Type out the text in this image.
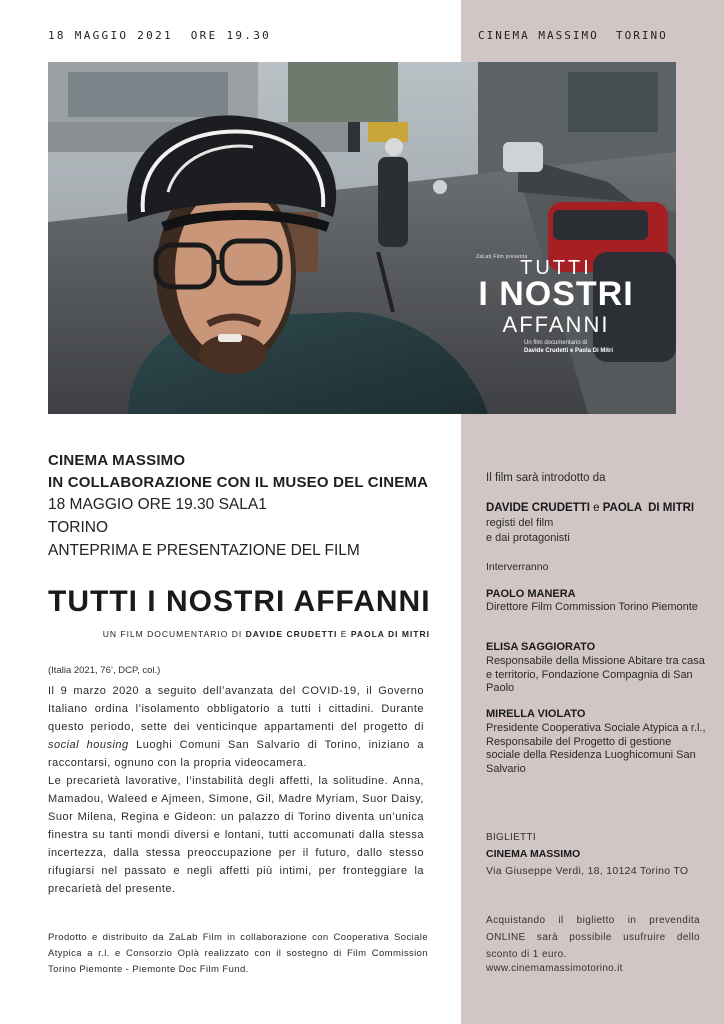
18 MAGGIO 2021  ORE 19.30	CINEMA MASSIMO  TORINO
ZaLab Film presenta
TUTTI
I NOSTRI
AFFANNI
Un film documentario di
Davide Crudetti e Paola Di Mitri
CINEMA MASSIMO
IN COLLABORAZIONE CON IL MUSEO DEL CINEMA
18 MAGGIO ORE 19.30 SALA1
TORINO
ANTEPRIMA E PRESENTAZIONE DEL FILM
TUTTI I NOSTRI AFFANNI
UN FILM DOCUMENTARIO DI DAVIDE CRUDETTI E PAOLA DI MITRI
(Italia 2021, 76’, DCP, col.)

Il 9 marzo 2020 a seguito dell’avanzata del COVID-19, il Governo Italiano ordina l’isolamento obbligatorio a tutti i cittadini. Durante questo periodo, sette dei venticinque appartamenti del progetto di social housing Luoghi Comuni San Salvario di Torino, iniziano a raccontarsi, ognuno con la propria videocamera.

Le precarietà lavorative, l’instabilità degli affetti, la solitudine. Anna, Mamadou, Waleed e Ajmeen, Simone, Gil, Madre Myriam, Suor Daisy, Suor Milena, Regina e Gideon: un palazzo di Torino diventa un’unica finestra su tanti mondi diversi e lontani, tutti accomunati dalla stessa incertezza, dalla stessa preoccupazione per il futuro, dallo stesso rifugiarsi nel passato e negli affetti più intimi, per fronteggiare la precarietà del presente.

Prodotto e distribuito da ZaLab Film in collaborazione con Cooperativa Sociale Atypica a r.l. e Consorzio Oplà realizzato con il sostegno di Film Commission Torino Piemonte - Piemonte Doc Film Fund.
Il film sarà introdotto da
DAVIDE CRUDETTI e PAOLA  DI MITRI
registi del film
e dai protagonisti
Interverranno
PAOLO MANERA
Direttore Film Commission Torino Piemonte
ELISA SAGGIORATO
Responsabile della Missione Abitare tra casa e territorio, Fondazione Compagnia di San Paolo
MIRELLA VIOLATO
Presidente Cooperativa Sociale Atypica a r.l., Responsabile del Progetto di gestione sociale della Residenza Luoghicomuni San Salvario
BIGLIETTI
CINEMA MASSIMO
Via Giuseppe Verdi, 18, 10124 Torino TO
Acquistando il biglietto in prevendita ONLINE sarà possibile usufruire dello sconto di 1 euro.
www.cinemamassimotorino.it
